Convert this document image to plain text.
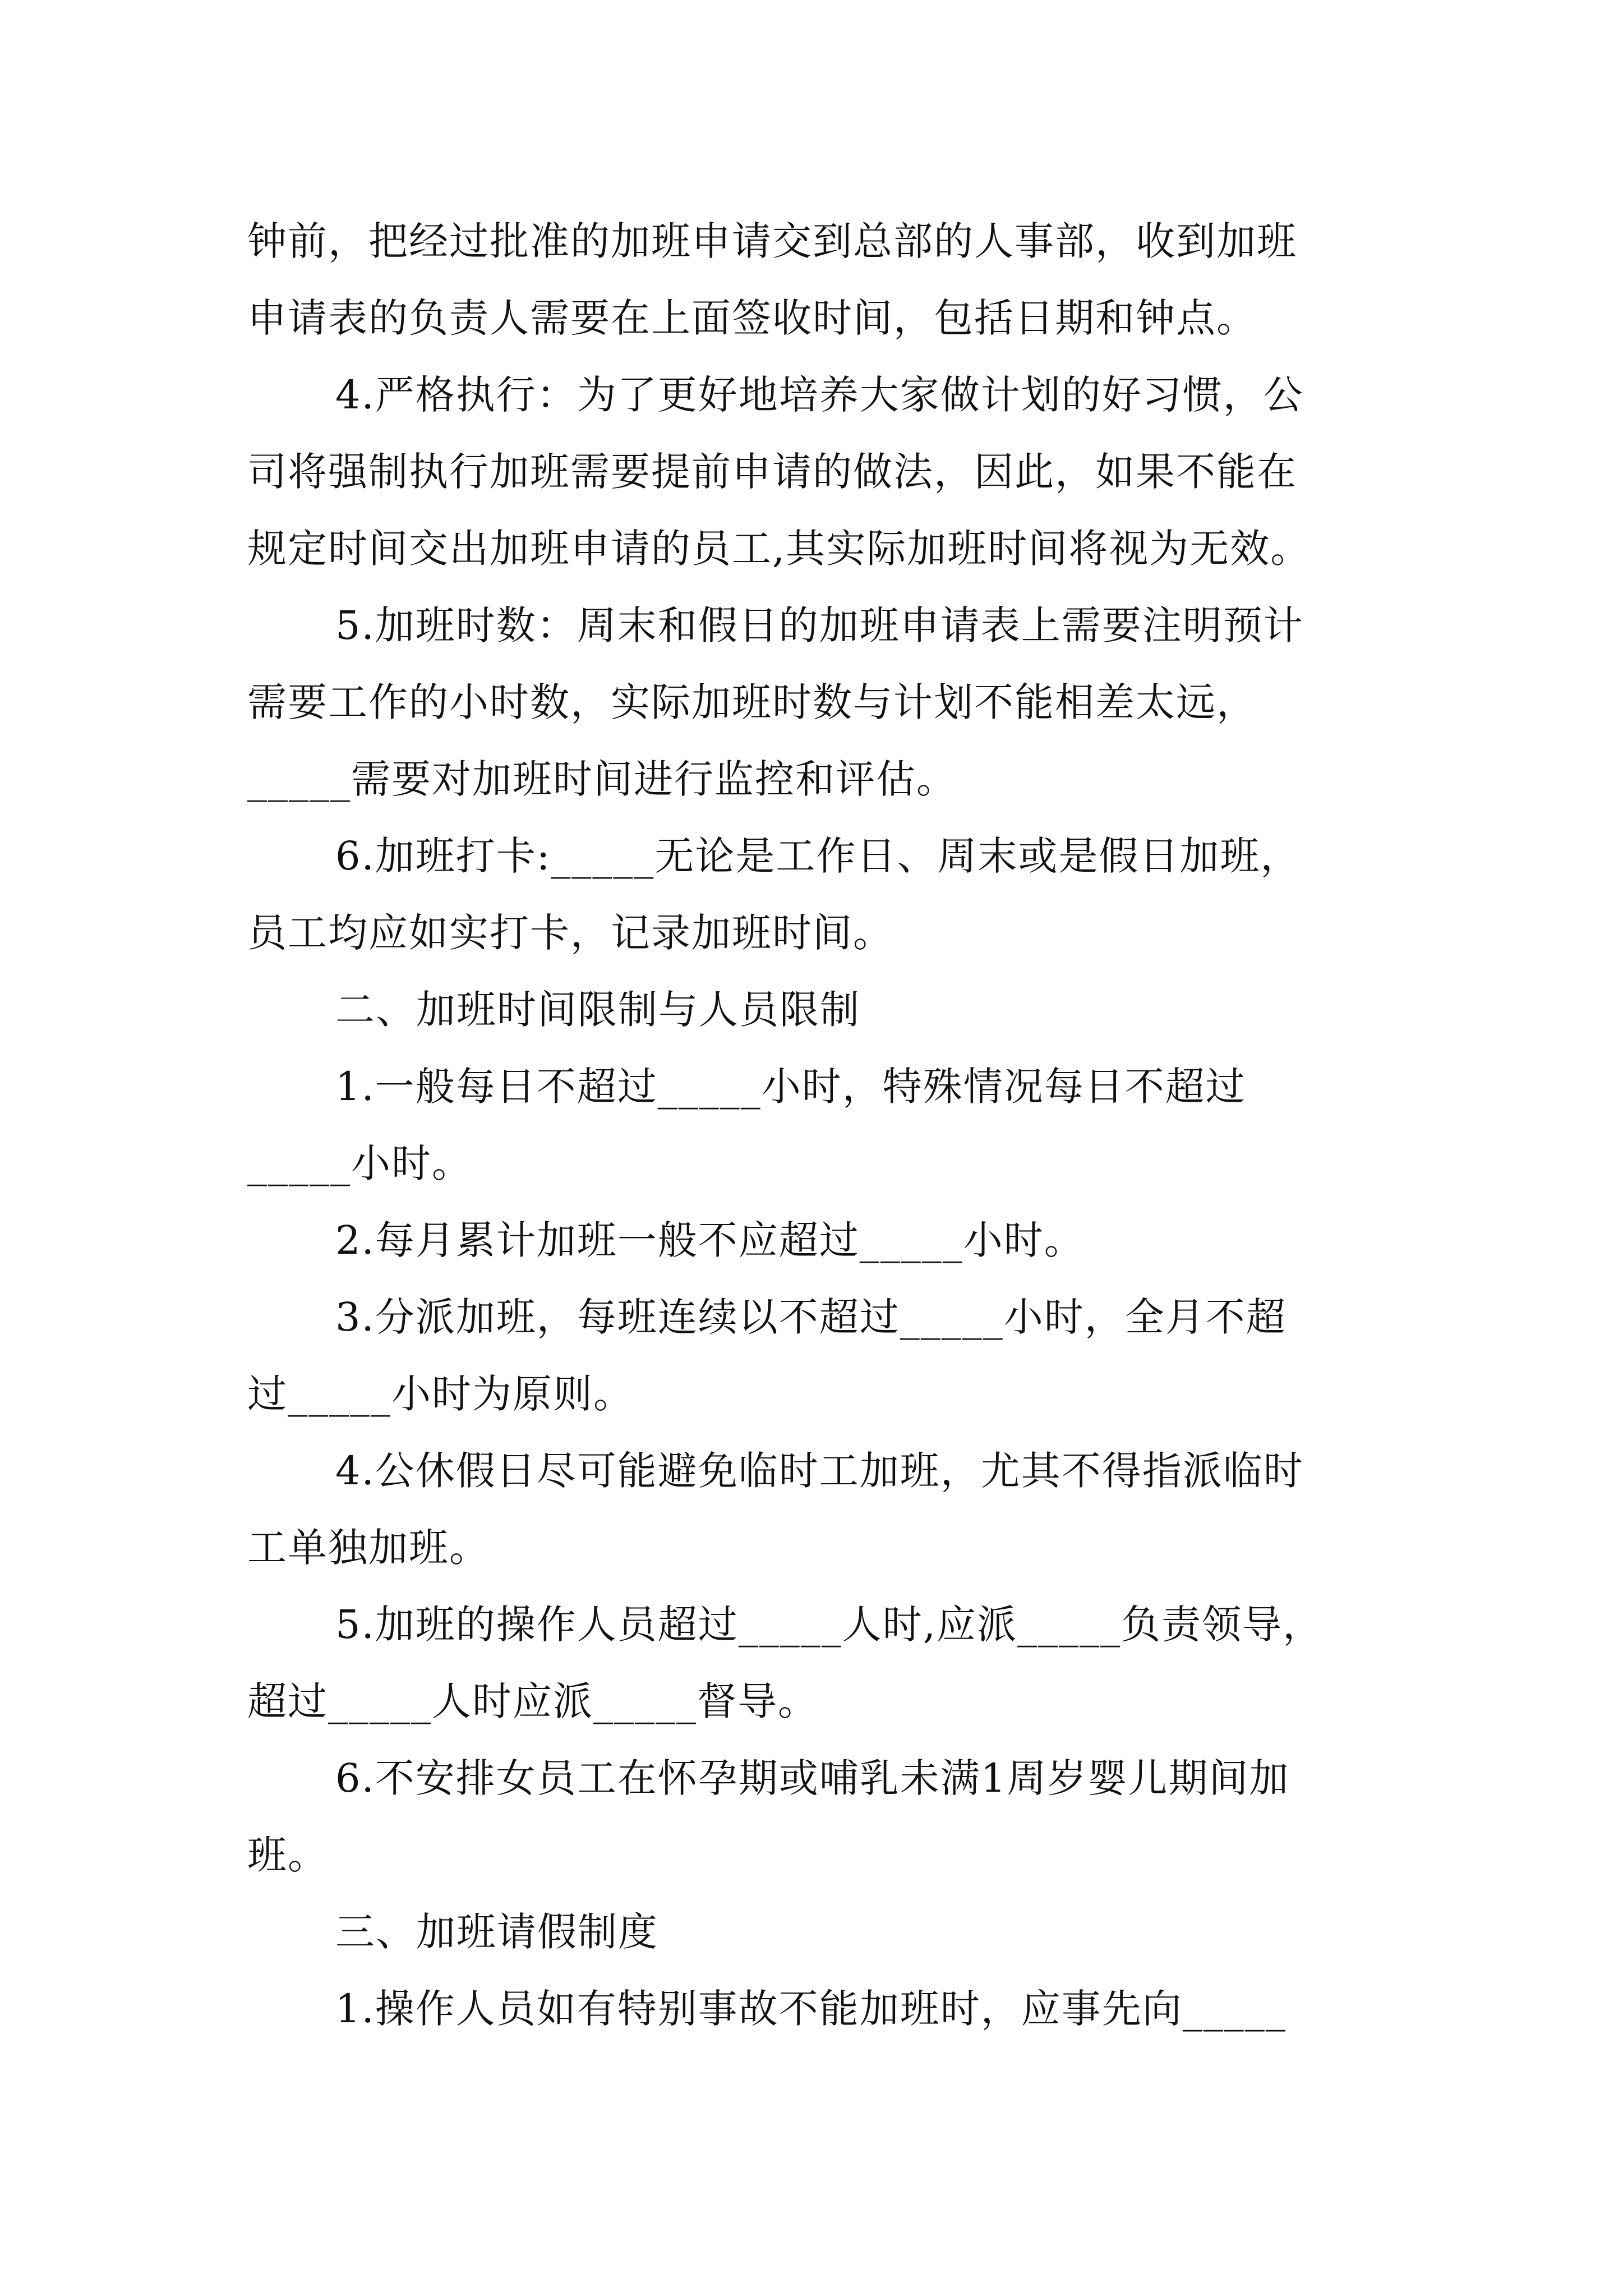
钟前，把经过批准的加班申请交到总部的人事部，收到加班
申请表的负责人需要在上面签收时间，包括日期和钟点。
4.严格执行：为了更好地培养大家做计划的好习惯，公
司将强制执行加班需要提前申请的做法，因此，如果不能在
规定时间交出加班申请的员工,其实际加班时间将视为无效。
5.加班时数：周末和假日的加班申请表上需要注明预计
需要工作的小时数，实际加班时数与计划不能相差太远，
_____需要对加班时间进行监控和评估。
6.加班打卡:_____无论是工作日、周末或是假日加班，
员工均应如实打卡，记录加班时间。
二、加班时间限制与人员限制
1.一般每日不超过_____小时，特殊情况每日不超过
_____小时。
2.每月累计加班一般不应超过_____小时。
3.分派加班，每班连续以不超过_____小时，全月不超
过_____小时为原则。
4.公休假日尽可能避免临时工加班，尤其不得指派临时
工单独加班。
5.加班的操作人员超过_____人时,应派_____负责领导，
超过_____人时应派_____督导。
6.不安排女员工在怀孕期或哺乳未满1周岁婴儿期间加
班。
三、加班请假制度
1.操作人员如有特别事故不能加班时，应事先向_____
